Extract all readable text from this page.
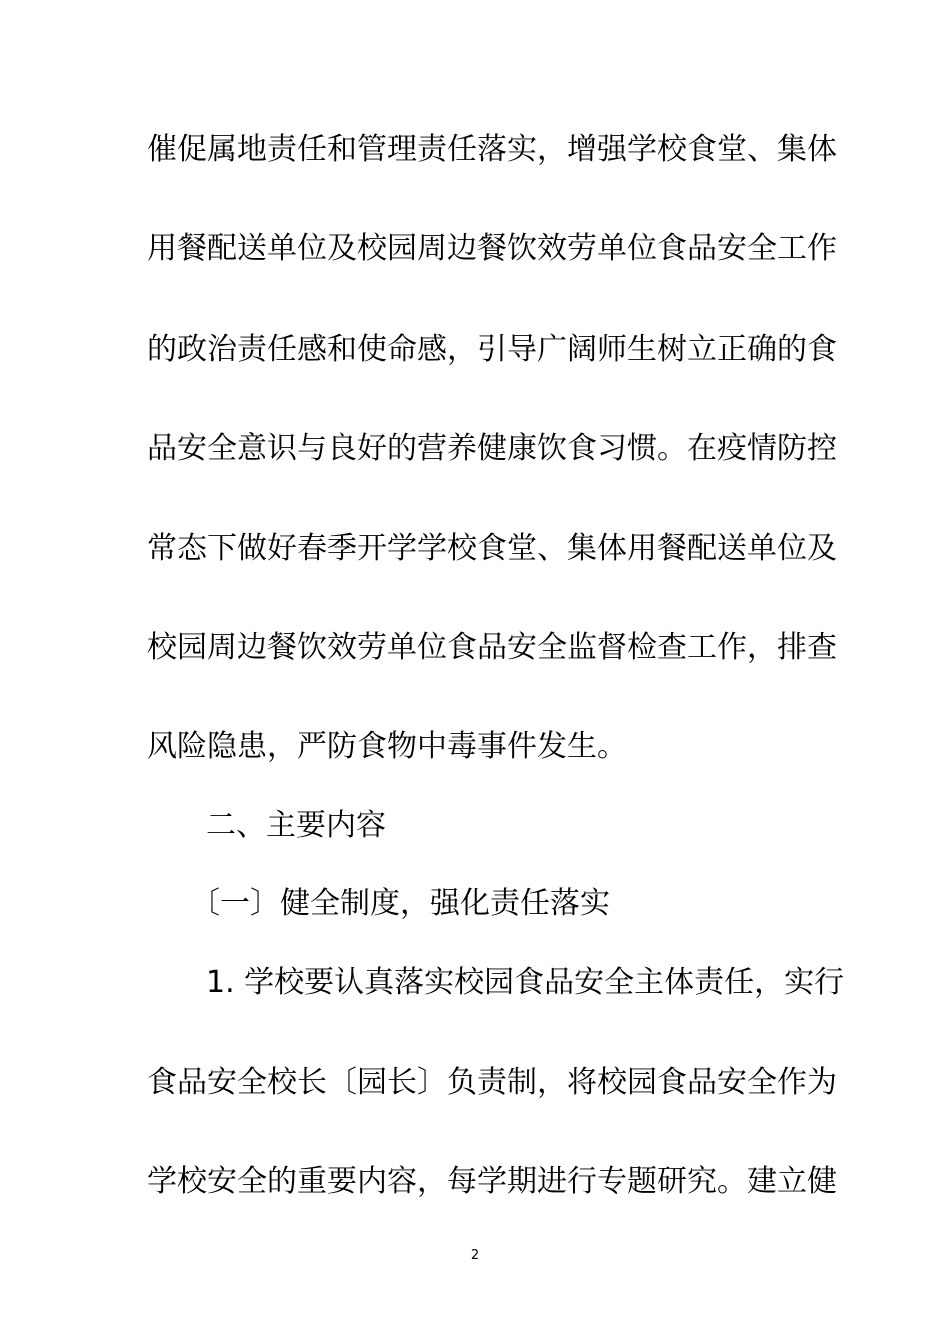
催促属地责任和管理责任落实，增强学校食堂、集体
用餐配送单位及校园周边餐饮效劳单位食品安全工作
的政治责任感和使命感，引导广阔师生树立正确的食
品安全意识与良好的营养健康饮食习惯。在疫情防控
常态下做好春季开学学校食堂、集体用餐配送单位及
校园周边餐饮效劳单位食品安全监督检查工作，排查
风险隐患，严防食物中毒事件发生。
二、主要内容
〔一〕健全制度，强化责任落实
1. 学校要认真落实校园食品安全主体责任，实行
食品安全校长〔园长〕负责制，将校园食品安全作为
学校安全的重要内容，每学期进行专题研究。建立健
2
